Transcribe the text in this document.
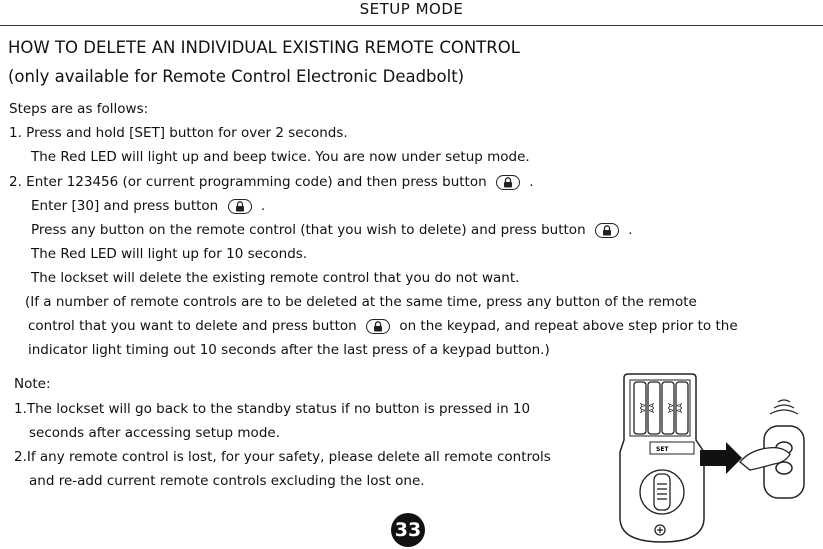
SETUP MODE
HOW TO DELETE AN INDIVIDUAL EXISTING REMOTE CONTROL
(only available for Remote Control Electronic Deadbolt)
Steps are as follows:
1. Press and hold [SET] button for over 2 seconds.
The Red LED will light up and beep twice. You are now under setup mode.
2. Enter 123456 (or current programming code) and then press button	.
Enter [30] and press button	.
Press any button on the remote control (that you wish to delete) and press button	.
The Red LED will light up for 10 seconds.
The lockset will delete the existing remote control that you do not want.
(If a number of remote controls are to be deleted at the same time, press any button of the remote
control that you want to delete and press button	on the keypad, and repeat above step prior to the
indicator light timing out 10 seconds after the last press of a keypad button.)
Note:
1.The lockset will go back to the standby status if no button is pressed in 10
seconds after accessing setup mode.
2.If any remote control is lost, for your safety, please delete all remote controls
and re-add current remote controls excluding the lost one.
AA AA AA AA
SET
33
